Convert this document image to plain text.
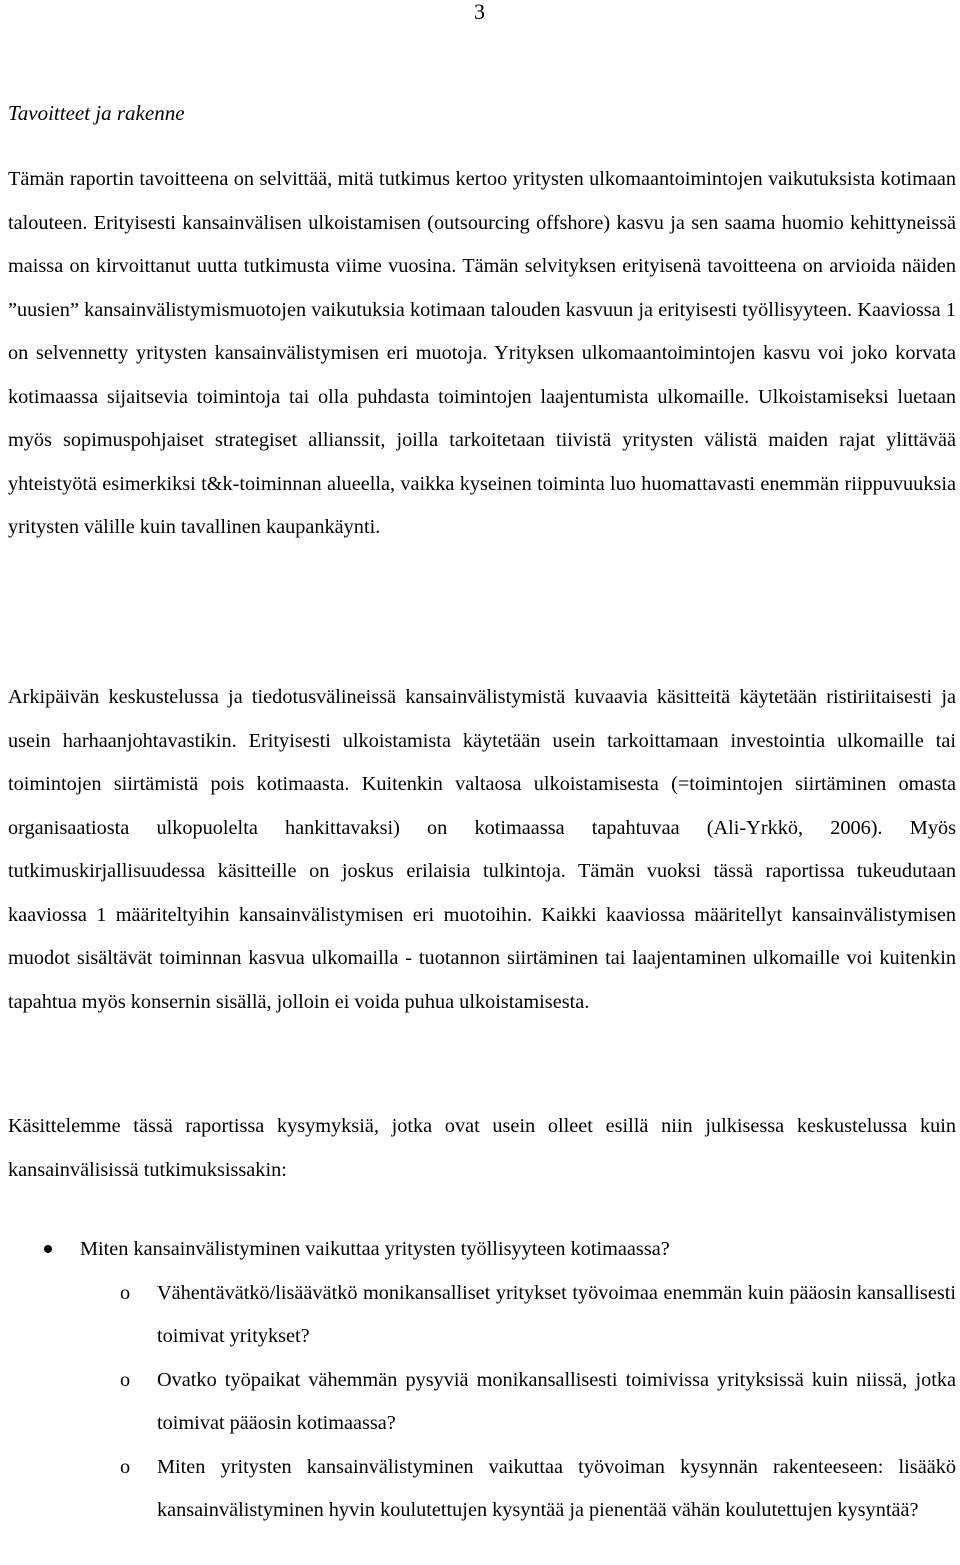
3
Tavoitteet ja rakenne

Tämän raportin tavoitteena on selvittää, mitä tutkimus kertoo yritysten ulkomaantoimintojen vaikutuksista kotimaan talouteen. Erityisesti kansainvälisen ulkoistamisen (outsourcing offshore) kasvu ja sen saama huomio kehittyneissä maissa on kirvoittanut uutta tutkimusta viime vuosina. Tämän selvityksen erityisenä tavoitteena on arvioida näiden ”uusien” kansainvälistymismuotojen vaikutuksia kotimaan talouden kasvuun ja erityisesti työllisyyteen. Kaaviossa 1 on selvennetty yritysten kansainvälistymisen eri muotoja. Yrityksen ulkomaantoimintojen kasvu voi joko korvata kotimaassa sijaitsevia toimintoja tai olla puhdasta toimintojen laajentumista ulkomaille. Ulkoistamiseksi luetaan myös sopimuspohjaiset strategiset allianssit, joilla tarkoitetaan tiivistä yritysten välistä maiden rajat ylittävää yhteistyötä esimerkiksi t&k-toiminnan alueella, vaikka kyseinen toiminta luo huomattavasti enemmän riippuvuuksia yritysten välille kuin tavallinen kaupankäynti.

Arkipäivän keskustelussa ja tiedotusvälineissä kansainvälistymistä kuvaavia käsitteitä käytetään ristiriitaisesti ja usein harhaanjohtavastikin. Erityisesti ulkoistamista käytetään usein tarkoittamaan investointia ulkomaille tai toimintojen siirtämistä pois kotimaasta. Kuitenkin valtaosa ulkoistamisesta (=toimintojen siirtäminen omasta organisaatiosta ulkopuolelta hankittavaksi) on kotimaassa tapahtuvaa (Ali-Yrkkö, 2006). Myös tutkimuskirjallisuudessa käsitteille on joskus erilaisia tulkintoja. Tämän vuoksi tässä raportissa tukeudutaan kaaviossa 1 määriteltyihin kansainvälistymisen eri muotoihin. Kaikki kaaviossa määritellyt kansainvälistymisen muodot sisältävät toiminnan kasvua ulkomailla - tuotannon siirtäminen tai laajentaminen ulkomaille voi kuitenkin tapahtua myös konsernin sisällä, jolloin ei voida puhua ulkoistamisesta.

Käsittelemme tässä raportissa kysymyksiä, jotka ovat usein olleet esillä niin julkisessa keskustelussa kuin kansainvälisissä tutkimuksissakin:

Miten kansainvälistyminen vaikuttaa yritysten työllisyyteen kotimaassa?
o Vähentävätkö/lisäävätkö monikansalliset yritykset työvoimaa enemmän kuin pääosin kansallisesti toimivat yritykset?
o Ovatko työpaikat vähemmän pysyviä monikansallisesti toimivissa yrityksissä kuin niissä, jotka toimivat pääosin kotimaassa?
o Miten yritysten kansainvälistyminen vaikuttaa työvoiman kysynnän rakenteeseen: lisääkö kansainvälistyminen hyvin koulutettujen kysyntää ja pienentää vähän koulutettujen kysyntää?
